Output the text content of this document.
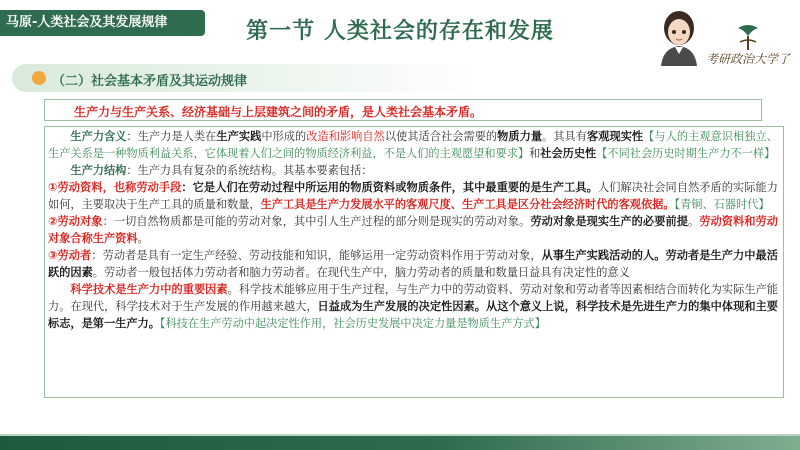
马原-人类社会及其发展规律	第一节 人类社会的存在和发展
考研政治大学了
（二）社会基本矛盾及其运动规律
生产力与生产关系、经济基础与上层建筑之间的矛盾，是人类社会基本矛盾。

生产力含义：生产力是人类在生产实践中形成的改造和影响自然以使其适合社会需要的物质力量。其具有客观现实性【与人的主观意识相独立、生产关系是一种物质利益关系，它体现着人们之间的物质经济利益，不是人们的主观愿望和要求】和社会历史性【不同社会历史时期生产力不一样】

生产力结构：生产力具有复杂的系统结构。其基本要素包括：

①劳动资料，也称劳动手段：它是人们在劳动过程中所运用的物质资料或物质条件，其中最重要的是生产工具。人们解决社会同自然矛盾的实际能力如何，主要取决于生产工具的质量和数量，生产工具是生产力发展水平的客观尺度、生产工具是区分社会经济时代的客观依据。【青铜、石器时代】

②劳动对象：一切自然物质都是可能的劳动对象，其中引人生产过程的部分则是现实的劳动对象。劳动对象是现实生产的必要前提。劳动资料和劳动对象合称生产资料。

③劳动者：劳动者是具有一定生产经验、劳动技能和知识，能够运用一定劳动资料作用于劳动对象，从事生产实践活动的人。劳动者是生产力中最活跃的因素。劳动者一般包括体力劳动者和脑力劳动者。在现代生产中，脑力劳动者的质量和数量日益具有决定性的意义

科学技术是生产力中的重要因素。科学技术能够应用于生产过程，与生产力中的劳动资料、劳动对象和劳动者等因素相结合而转化为实际生产能力。在现代，科学技术对于生产发展的作用越来越大，日益成为生产发展的决定性因素。从这个意义上说，科学技术是先进生产力的集中体现和主要标志，是第一生产力。【科技在生产劳动中起决定性作用，社会历史发展中决定力量是物质生产方式】
